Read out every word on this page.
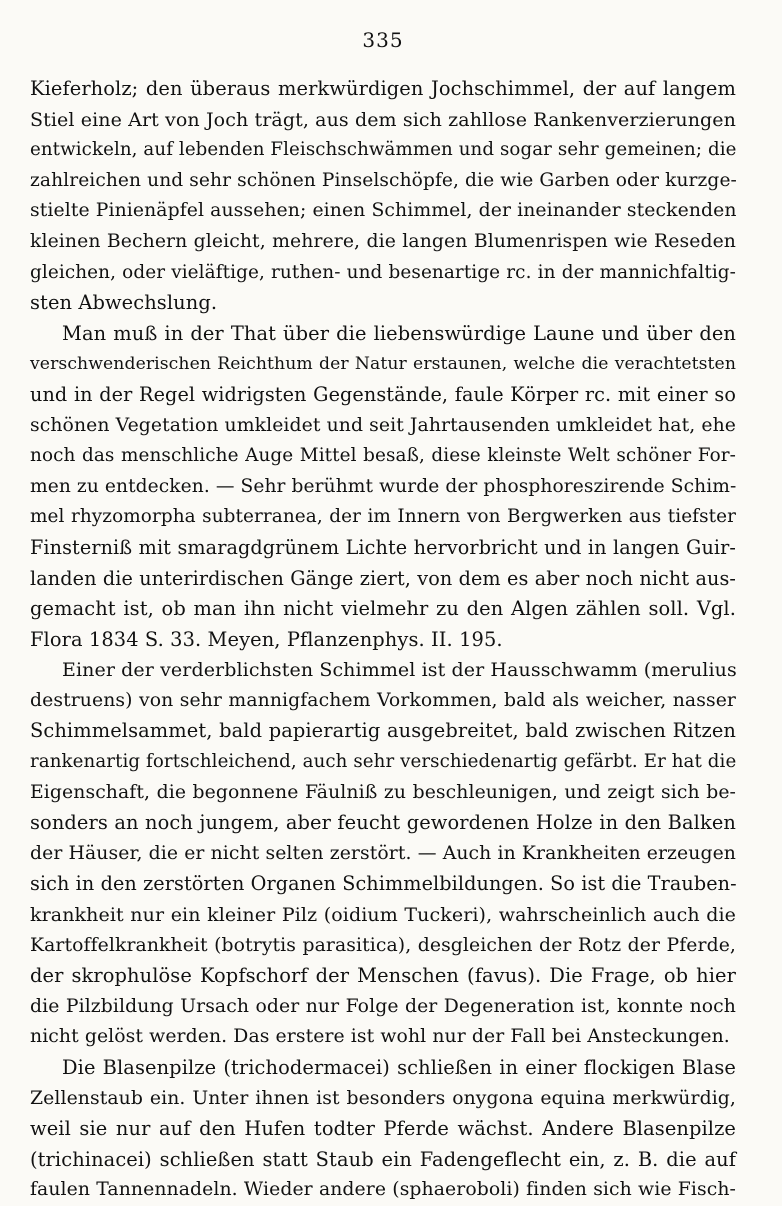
335
Kieferholz; den überaus merkwürdigen Jochschimmel, der auf langem
Stiel eine Art von Joch trägt, aus dem sich zahllose Rankenverzierungen
entwickeln, auf lebenden Fleischschwämmen und sogar sehr gemeinen; die
zahlreichen und sehr schönen Pinselschöpfe, die wie Garben oder kurzge-
stielte Pinienäpfel aussehen; einen Schimmel, der ineinander steckenden
kleinen Bechern gleicht, mehrere, die langen Blumenrispen wie Reseden
gleichen, oder vieläftige, ruthen- und besenartige rc. in der mannichfaltig-
sten Abwechslung.
Man muß in der That über die liebenswürdige Laune und über den
verschwenderischen Reichthum der Natur erstaunen, welche die verachtetsten
und in der Regel widrigsten Gegenstände, faule Körper rc. mit einer so
schönen Vegetation umkleidet und seit Jahrtausenden umkleidet hat, ehe
noch das menschliche Auge Mittel besaß, diese kleinste Welt schöner For-
men zu entdecken. — Sehr berühmt wurde der phosphoreszirende Schim-
mel rhyzomorpha subterranea, der im Innern von Bergwerken aus tiefster
Finsterniß mit smaragdgrünem Lichte hervorbricht und in langen Guir-
landen die unterirdischen Gänge ziert, von dem es aber noch nicht aus-
gemacht ist, ob man ihn nicht vielmehr zu den Algen zählen soll. Vgl.
Flora 1834 S. 33. Meyen, Pflanzenphys. II. 195.
Einer der verderblichsten Schimmel ist der Hausschwamm (merulius
destruens) von sehr mannigfachem Vorkommen, bald als weicher, nasser
Schimmelsammet, bald papierartig ausgebreitet, bald zwischen Ritzen
rankenartig fortschleichend, auch sehr verschiedenartig gefärbt. Er hat die
Eigenschaft, die begonnene Fäulniß zu beschleunigen, und zeigt sich be-
sonders an noch jungem, aber feucht gewordenen Holze in den Balken
der Häuser, die er nicht selten zerstört. — Auch in Krankheiten erzeugen
sich in den zerstörten Organen Schimmelbildungen. So ist die Trauben-
krankheit nur ein kleiner Pilz (oidium Tuckeri), wahrscheinlich auch die
Kartoffelkrankheit (botrytis parasitica), desgleichen der Rotz der Pferde,
der skrophulöse Kopfschorf der Menschen (favus). Die Frage, ob hier
die Pilzbildung Ursach oder nur Folge der Degeneration ist, konnte noch
nicht gelöst werden. Das erstere ist wohl nur der Fall bei Ansteckungen.
Die Blasenpilze (trichodermacei) schließen in einer flockigen Blase
Zellenstaub ein. Unter ihnen ist besonders onygona equina merkwürdig,
weil sie nur auf den Hufen todter Pferde wächst. Andere Blasenpilze
(trichinacei) schließen statt Staub ein Fadengeflecht ein, z. B. die auf
faulen Tannennadeln. Wieder andere (sphaeroboli) finden sich wie Fisch-
